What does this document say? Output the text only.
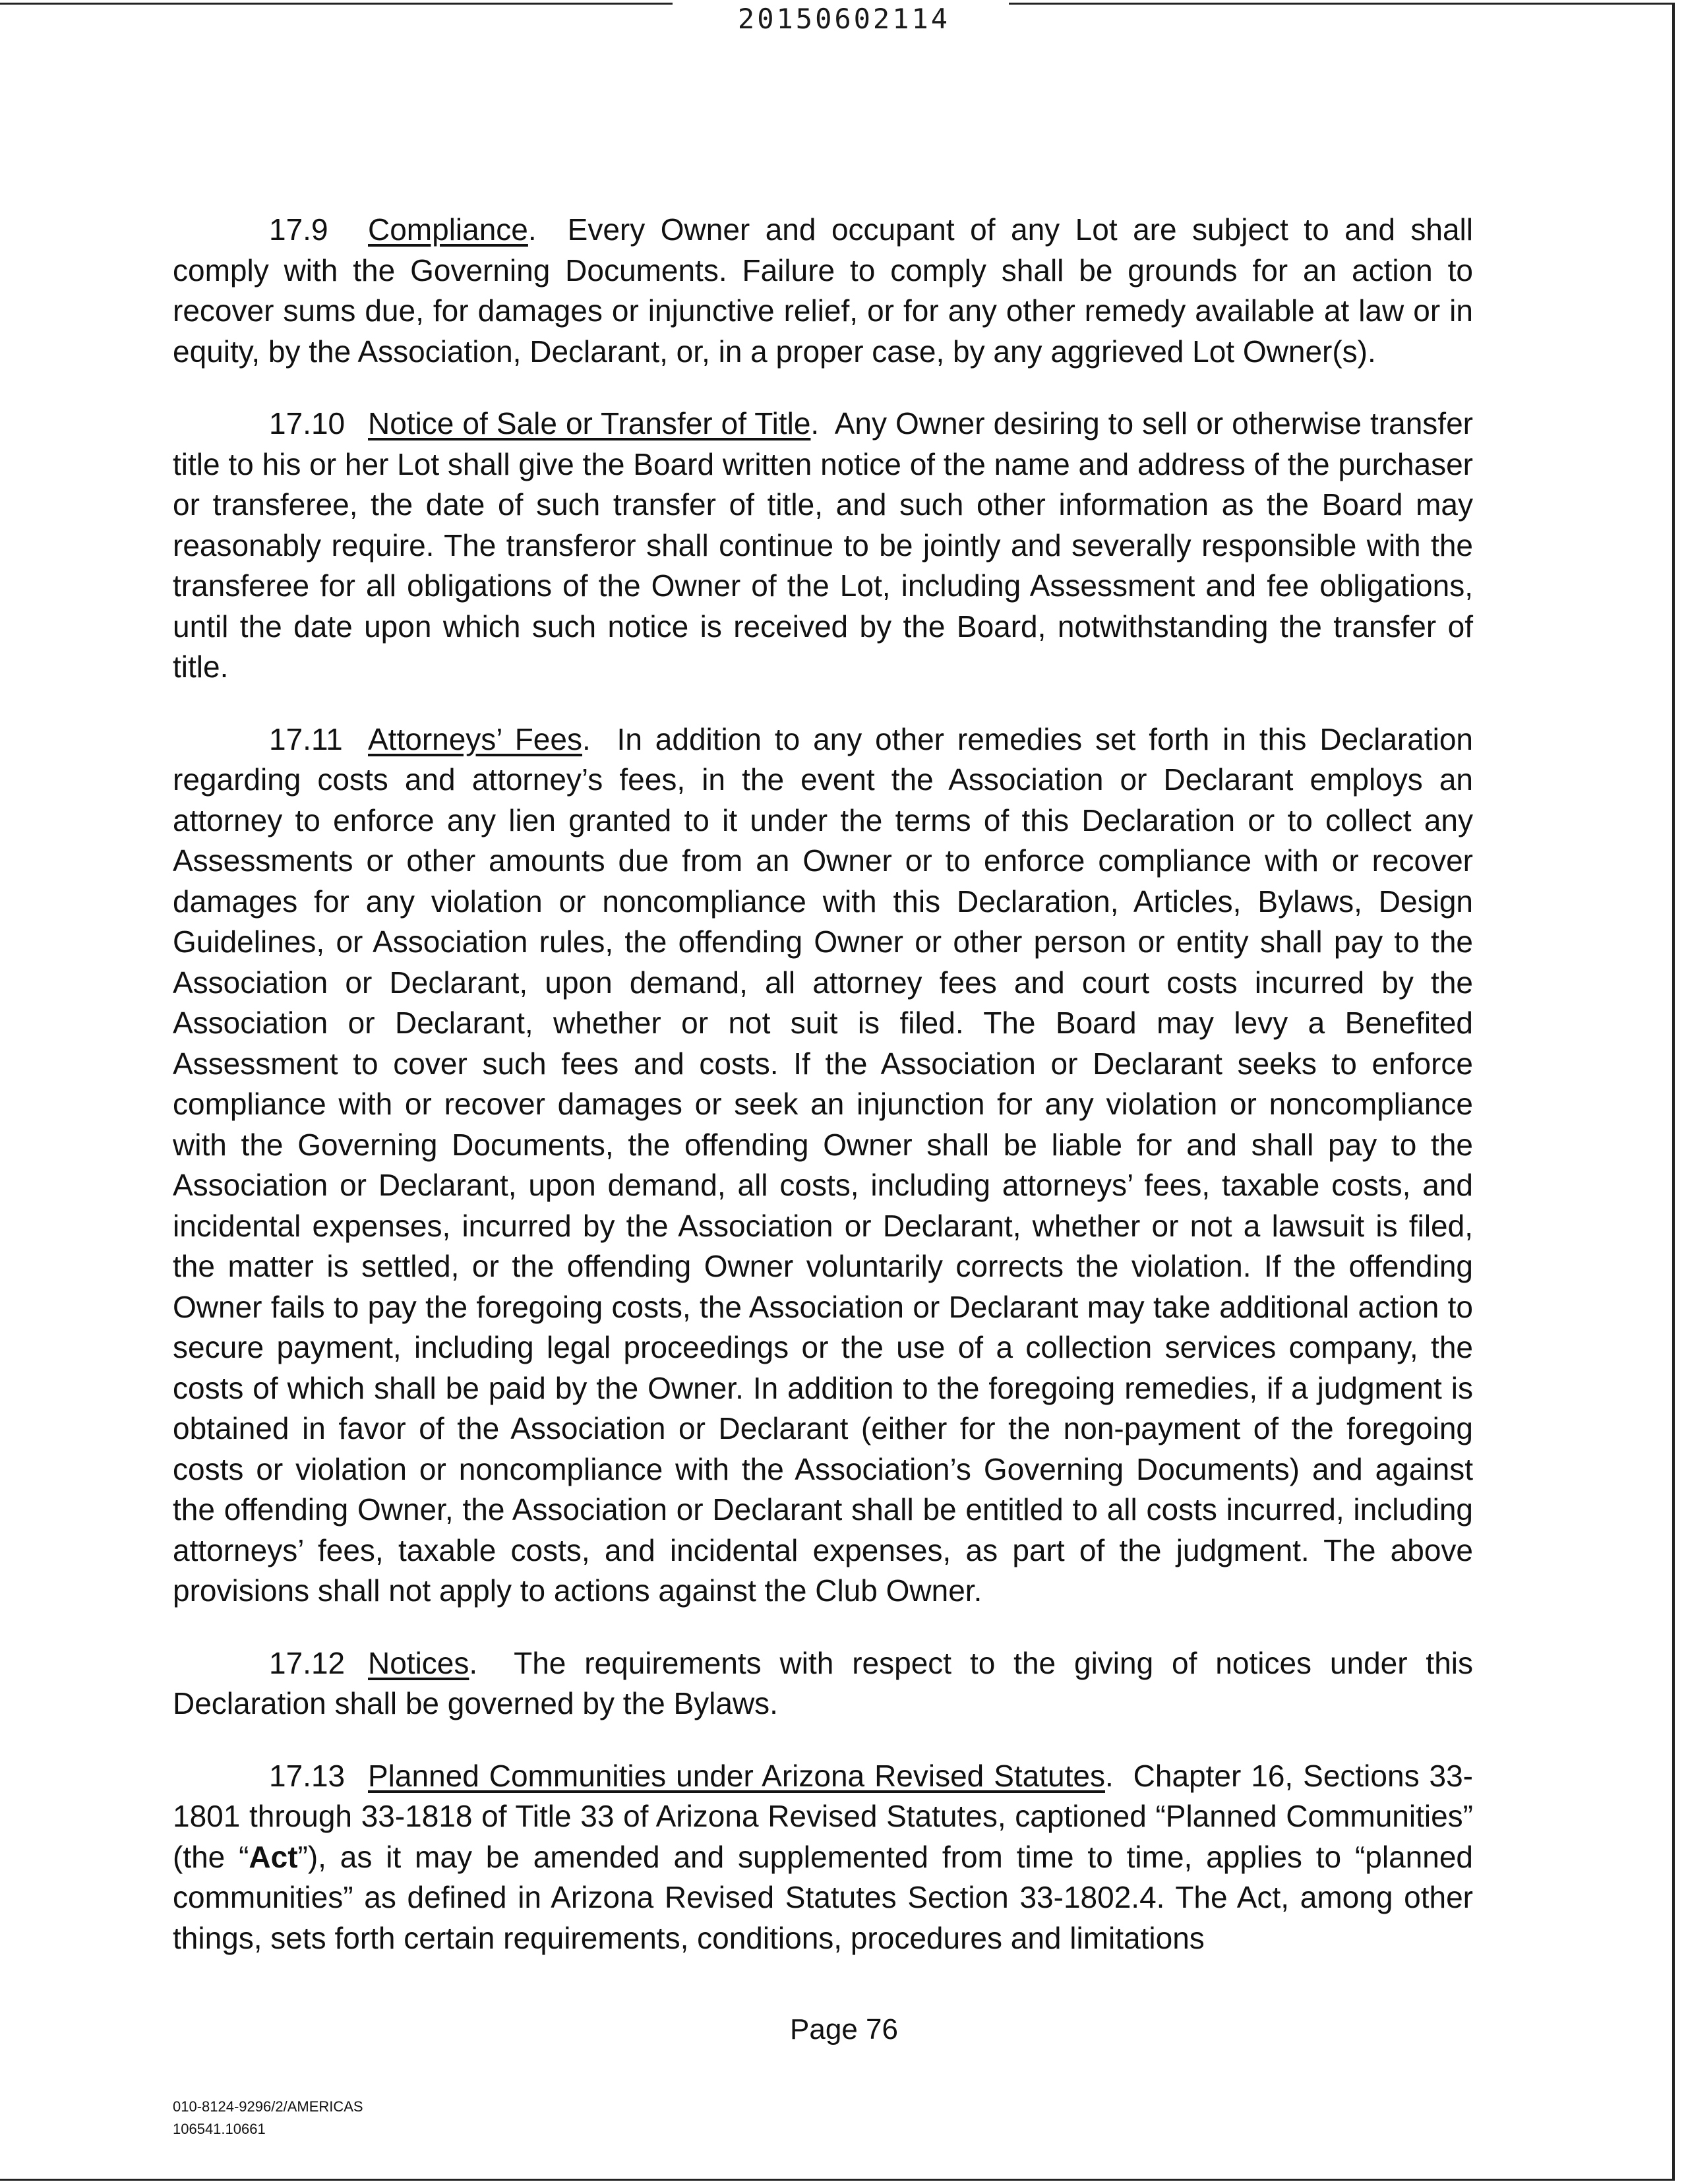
20150602114

17.9 Compliance.  Every Owner and occupant of any Lot are subject to and shall comply with the Governing Documents. Failure to comply shall be grounds for an action to recover sums due, for damages or injunctive relief, or for any other remedy available at law or in equity, by the Association, Declarant, or, in a proper case, by any aggrieved Lot Owner(s).

17.10 Notice of Sale or Transfer of Title.  Any Owner desiring to sell or otherwise transfer title to his or her Lot shall give the Board written notice of the name and address of the purchaser or transferee, the date of such transfer of title, and such other information as the Board may reasonably require. The transferor shall continue to be jointly and severally responsible with the transferee for all obligations of the Owner of the Lot, including Assessment and fee obligations, until the date upon which such notice is received by the Board, notwithstanding the transfer of title.

17.11 Attorneys’ Fees.  In addition to any other remedies set forth in this Declaration regarding costs and attorney’s fees, in the event the Association or Declarant employs an attorney to enforce any lien granted to it under the terms of this Declaration or to collect any Assessments or other amounts due from an Owner or to enforce compliance with or recover damages for any violation or noncompliance with this Declaration, Articles, Bylaws, Design Guidelines, or Association rules, the offending Owner or other person or entity shall pay to the Association or Declarant, upon demand, all attorney fees and court costs incurred by the Association or Declarant, whether or not suit is filed. The Board may levy a Benefited Assessment to cover such fees and costs. If the Association or Declarant seeks to enforce compliance with or recover damages or seek an injunction for any violation or noncompliance with the Governing Documents, the offending Owner shall be liable for and shall pay to the Association or Declarant, upon demand, all costs, including attorneys’ fees, taxable costs, and incidental expenses, incurred by the Association or Declarant, whether or not a lawsuit is filed, the matter is settled, or the offending Owner voluntarily corrects the violation. If the offending Owner fails to pay the foregoing costs, the Association or Declarant may take additional action to secure payment, including legal proceedings or the use of a collection services company, the costs of which shall be paid by the Owner. In addition to the foregoing remedies, if a judgment is obtained in favor of the Association or Declarant (either for the non-payment of the foregoing costs or violation or noncompliance with the Association’s Governing Documents) and against the offending Owner, the Association or Declarant shall be entitled to all costs incurred, including attorneys’ fees, taxable costs, and incidental expenses, as part of the judgment. The above provisions shall not apply to actions against the Club Owner.

17.12 Notices.  The requirements with respect to the giving of notices under this Declaration shall be governed by the Bylaws.

17.13 Planned Communities under Arizona Revised Statutes.  Chapter 16, Sections 33-1801 through 33-1818 of Title 33 of Arizona Revised Statutes, captioned “Planned Communities” (the “Act”), as it may be amended and supplemented from time to time, applies to “planned communities” as defined in Arizona Revised Statutes Section 33-1802.4. The Act, among other things, sets forth certain requirements, conditions, procedures and limitations

Page 76
010-8124-9296/2/AMERICAS
106541.10661
